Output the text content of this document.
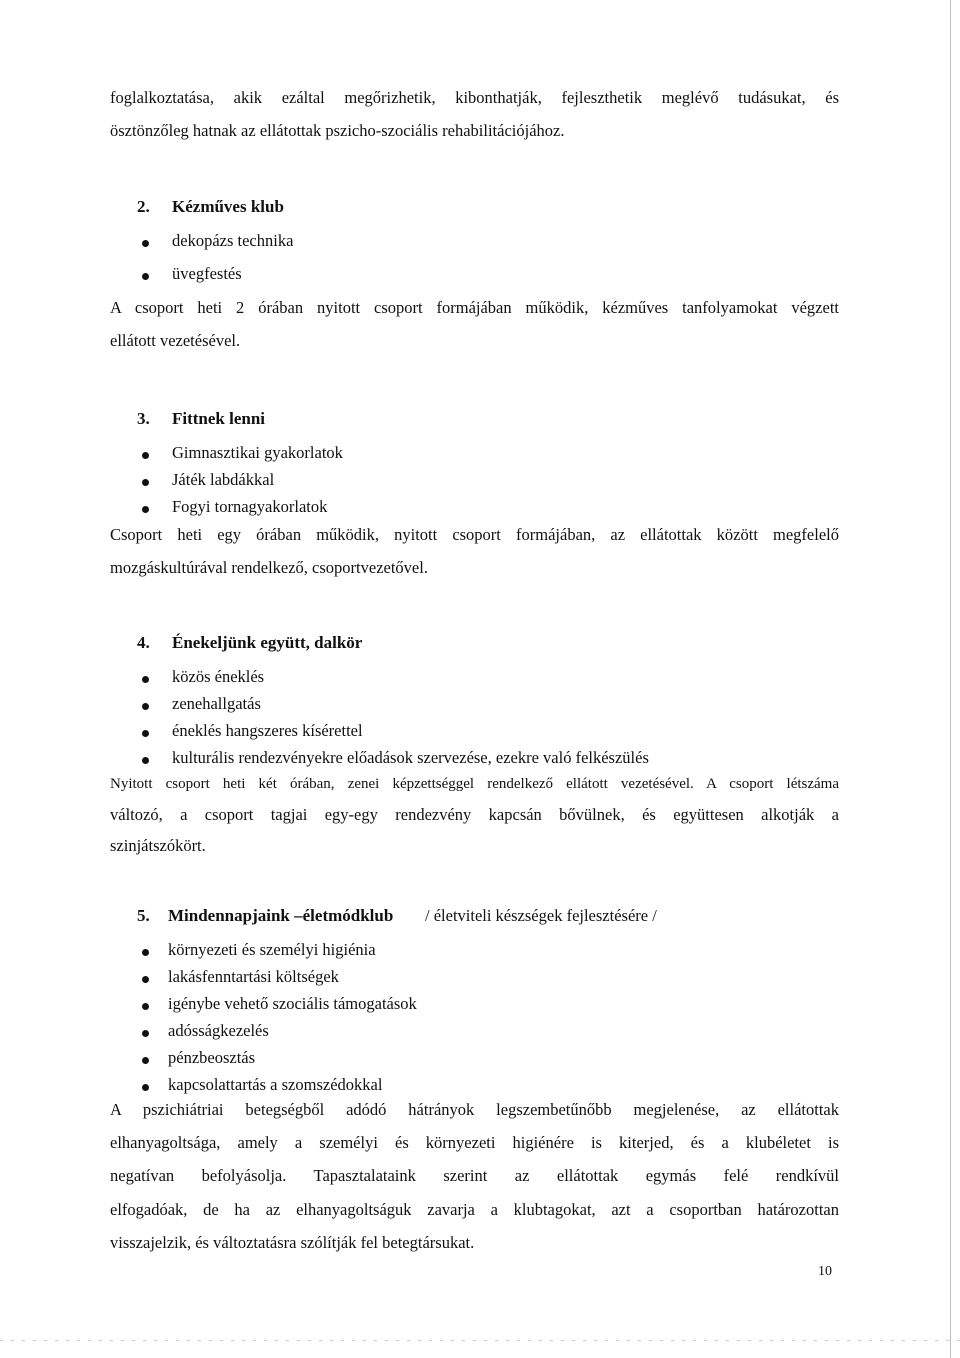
foglalkoztatása, akik ezáltal megőrizhetik, kibonthatják, fejleszthetik meglévő tudásukat, és
ösztönzőleg hatnak az ellátottak pszicho-szociális rehabilitációjához.
2. Kézműves klub
dekopázs technika
üvegfestés
A csoport heti 2 órában nyitott csoport formájában működik, kézműves tanfolyamokat végzett
ellátott vezetésével.
3. Fittnek lenni
Gimnasztikai gyakorlatok
Játék labdákkal
Fogyi tornagyakorlatok
Csoport heti egy órában működik, nyitott csoport formájában, az ellátottak között megfelelő
mozgáskultúrával rendelkező, csoportvezetővel.
4. Énekeljünk együtt, dalkör
közös éneklés
zenehallgatás
éneklés hangszeres kísérettel
kulturális rendezvényekre előadások szervezése, ezekre való felkészülés
Nyitott csoport heti két órában, zenei képzettséggel rendelkező ellátott vezetésével. A csoport létszáma
változó, a csoport tagjai egy-egy rendezvény kapcsán bővülnek, és együttesen alkotják a
szinjátszókört.
5. Mindennapjaink –életmódklub / életviteli készségek fejlesztésére /
környezeti és személyi higiénia
lakásfenntartási költségek
igénybe vehető szociális támogatások
adósságkezelés
pénzbeosztás
kapcsolattartás a szomszédokkal
A pszichiátriai betegségből adódó hátrányok legszembetűnőbb megjelenése, az ellátottak
elhanyagoltsága, amely a személyi és környezeti higiénére is kiterjed, és a klubéletet is
negatívan befolyásolja. Tapasztalataink szerint az ellátottak egymás felé rendkívül
elfogadóak, de ha az elhanyagoltságuk zavarja a klubtagokat, azt a csoportban határozottan
visszajelzik, és változtatásra szólítják fel betegtársukat.
10
